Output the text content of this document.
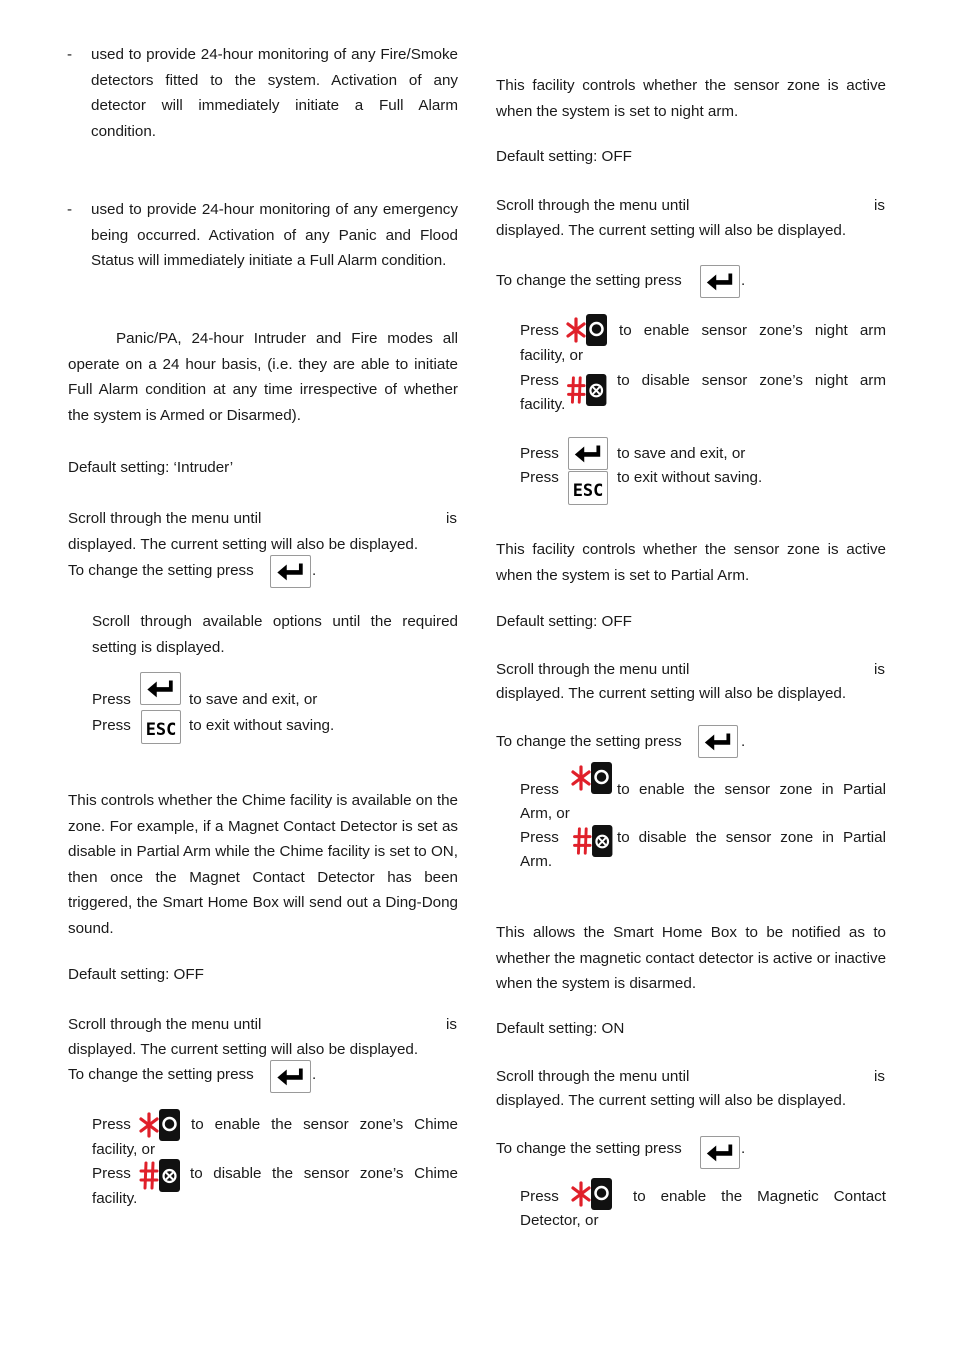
- used to provide 24-hour monitoring of any Fire/Smoke detectors fitted to the system. Activation of any detector will immediately initiate a Full Alarm condition.

- used to provide 24-hour monitoring of any emergency being occurred. Activation of any Panic and Flood Status will immediately initiate a Full Alarm condition.

Panic/PA, 24-hour Intruder and Fire modes all operate on a 24 hour basis, (i.e. they are able to initiate Full Alarm condition at any time irrespective of whether the system is Armed or Disarmed).

Default setting: ‘Intruder’

Scroll through the menu until	is

displayed. The current setting will also be displayed.

To change the setting press	.

Scroll through available options until the required setting is displayed.

Press	to save and exit, or

Press ESC to exit without saving.

This controls whether the Chime facility is available on the zone. For example, if a Magnet Contact Detector is set as disable in Partial Arm while the Chime facility is set to ON, then once the Magnet Contact Detector has been triggered, the Smart Home Box will send out a Ding-Dong sound.

Default setting: OFF

Scroll through the menu until	is

displayed. The current setting will also be displayed.

To change the setting press	.

Press	to enable the sensor zone’s Chime

facility, or

Press	to disable the sensor zone’s Chime

facility.

This facility controls whether the sensor zone is active when the system is set to night arm.

Default setting: OFF

Scroll through the menu until	is

displayed. The current setting will also be displayed.

To change the setting press	.

Press	to enable sensor zone’s night arm

facility, or

Press	to disable sensor zone’s night arm

facility.

Press	to save and exit, or

Press

ESC

to exit without saving.

This facility controls whether the sensor zone is active when the system is set to Partial Arm.

Default setting: OFF

Scroll through the menu until	is

displayed. The current setting will also be displayed.

To change the setting press	.

Press	to enable the sensor zone in Partial

Arm, or

Press	to disable the sensor zone in Partial

Arm.

This allows the Smart Home Box to be notified as to whether the magnetic contact detector is active or inactive when the system is disarmed.

Default setting: ON

Scroll through the menu until	is

displayed. The current setting will also be displayed.

To change the setting press	.

Press	to enable the Magnetic Contact

Detector, or
